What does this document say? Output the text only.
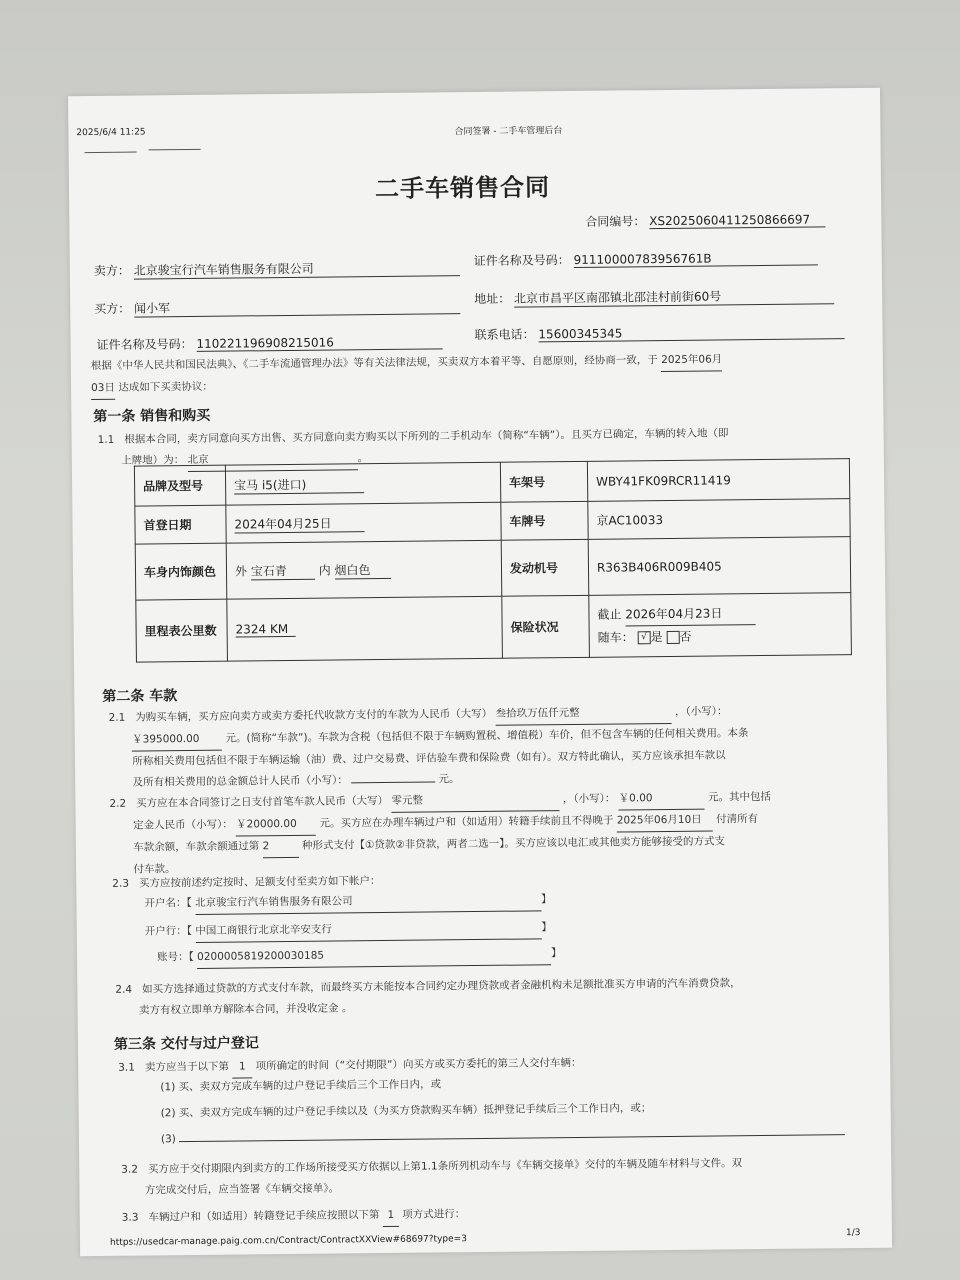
2025/6/4 11:25	合同签署 - 二手车管理后台
二手车销售合同
合同编号： XS2025060411250866697
卖方： 北京骏宝行汽车销售服务有限公司
证件名称及号码： 91110000783956761B
买方： 闻小军
地址： 北京市昌平区南邵镇北邵洼村前街60号
证件名称及号码： 110221196908215016
联系电话： 15600345345
根据《中华人民共和国民法典》、《二手车流通管理办法》等有关法律法规，买卖双方本着平等、自愿原则，经协商一致，于 2025年06月
03日 达成如下买卖协议：
第一条 销售和购买
1.1 根据本合同，卖方同意向买方出售、买方同意向卖方购买以下所列的二手机动车（简称“车辆”）。且买方已确定，车辆的转入地（即
上牌地）为： 北京	。
品牌及型号	宝马 i5(进口)	车架号	WBY41FK09RCR11419
首登日期	2024年04月25日	车牌号	京AC10033
车身内饰颜色	外 宝石青 内 烟白色	发动机号	R363B406R009B405
里程表公里数	2324 KM	保险状况	截止 2026年04月23日
随车： √ 是 否
第二条 车款
2.1 为购买车辆，买方应向卖方或卖方委托代收款方支付的车款为人民币（大写） 叁拾玖万伍仟元整	，（小写）：
￥395000.00 元。(简称“车款”)。车款为含税（包括但不限于车辆购置税、增值税）车价，但不包含车辆的任何相关费用。本条
所称相关费用包括但不限于车辆运输（油）费、过户交易费、评估验车费和保险费（如有）。双方特此确认，买方应该承担车款以
及所有相关费用的总金额总计人民币（小写）：	元。
2.2 买方应在本合同签订之日支付首笔车款人民币（大写） 零元整	，（小写）： ￥0.00	元。其中包括
定金人民币（小写）： ￥20000.00 元。买方应在办理车辆过户和（如适用）转籍手续前且不得晚于 2025年06月10日 付清所有
车款余额，车款余额通过第 2	种形式支付【①贷款②非贷款，两者二选一】。买方应该以电汇或其他卖方能够接受的方式支
付车款。
2.3 买方应按前述约定按时、足额支付至卖方如下帐户：
开户名：【 北京骏宝行汽车销售服务有限公司	】
开户行：【 中国工商银行北京北辛安支行	】
账号：【 0200005819200030185	】
2.4 如买方选择通过贷款的方式支付车款，而最终买方未能按本合同约定办理贷款或者金融机构未足额批准买方申请的汽车消费贷款，
卖方有权立即单方解除本合同，并没收定金 。
第三条 交付与过户登记
3.1 卖方应当于以下第 1 项所确定的时间（“交付期限”）向买方或买方委托的第三人交付车辆：
(1) 买、卖双方完成车辆的过户登记手续后三个工作日内，或
(2) 买、卖双方完成车辆的过户登记手续以及（为买方贷款购买车辆）抵押登记手续后三个工作日内，或；
(3)
3.2 买方应于交付期限内到卖方的工作场所接受买方依据以上第1.1条所列机动车与《车辆交接单》交付的车辆及随车材料与文件。双
方完成交付后，应当签署《车辆交接单》。
3.3 车辆过户和（如适用）转籍登记手续应按照以下第 1 项方式进行：
https://usedcar-manage.paig.com.cn/Contract/ContractXXView#68697?type=3
1/3
